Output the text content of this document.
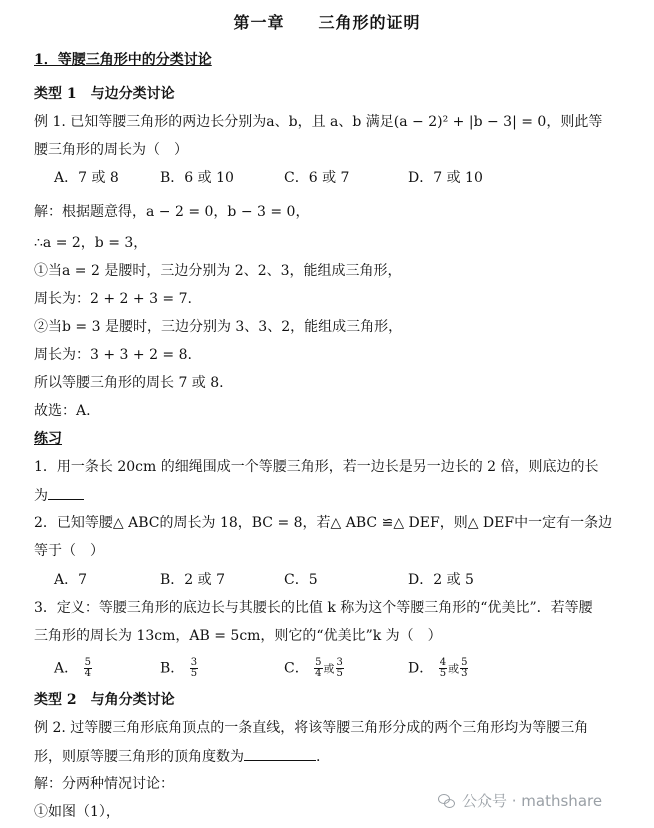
第一章　　三角形的证明
1．等腰三角形中的分类讨论
类型 1　与边分类讨论
例 1. 已知等腰三角形的两边长分别为a、b，且 a、b 满足(a − 2)² + |b − 3| = 0，则此等
腰三角形的周长为（　）
A．7 或 8	B．6 或 10	C．6 或 7	D．7 或 10
解：根据题意得，a − 2 = 0，b − 3 = 0，
∴a = 2，b = 3，
①当a = 2 是腰时，三边分别为 2、2、3，能组成三角形，
周长为：2 + 2 + 3 = 7.
②当b = 3 是腰时，三边分别为 3、3、2，能组成三角形，
周长为：3 + 3 + 2 = 8.
所以等腰三角形的周长 7 或 8.
故选：A.
练习
1．用一条长 20cm 的细绳围成一个等腰三角形，若一边长是另一边长的 2 倍，则底边的长
为
2．已知等腰△ ABC的周长为 18，BC = 8，若△ ABC ≌△ DEF，则△ DEF中一定有一条边
等于（　）
A．7	B．2 或 7	C．5	D．2 或 5
3．定义：等腰三角形的底边长与其腰长的比值 k 称为这个等腰三角形的“优美比”．若等腰
三角形的周长为 13cm，AB = 5cm，则它的“优美比”k 为（　）
A． $\frac{5}{4}$	B． $\frac{3}{5}$	C． $\frac{5}{4}$ 或 $\frac{3}{5}$	D． $\frac{4}{5}$ 或 $\frac{5}{3}$
类型 2　与角分类讨论
例 2. 过等腰三角形底角顶点的一条直线，将该等腰三角形分成的两个三角形均为等腰三角
形，则原等腰三角形的顶角度数为	.
解：分两种情况讨论：
①如图（1），
公众号 · mathshare
